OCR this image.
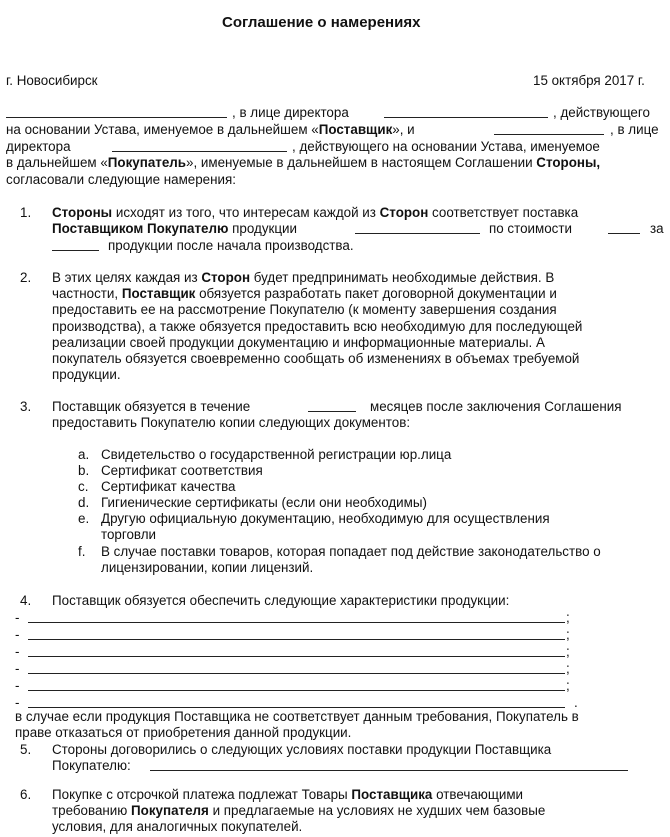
Соглашение о намерениях
г. Новосибирск	15 октября 2017 г.
, в лице директора	, действующего
на основании Устава, именуемое в дальнейшем «Поставщик», и	, в лице
директора	, действующего на основании Устава, именуемое
в дальнейшем «Покупатель», именуемые в дальнейшем в настоящем Соглашении Стороны,
согласовали следующие намерения:
1. Стороны исходят из того, что интересам каждой из Сторон соответствует поставка
Поставщиком Покупателю продукции	по стоимости	за
продукции после начала производства.
2. В этих целях каждая из Сторон будет предпринимать необходимые действия. В
частности, Поставщик обязуется разработать пакет договорной документации и
предоставить ее на рассмотрение Покупателю (к моменту завершения создания
производства), а также обязуется предоставить всю необходимую для последующей
реализации своей продукции документацию и информационные материалы. А
покупатель обязуется своевременно сообщать об изменениях в объемах требуемой
продукции.
3. Поставщик обязуется в течение	месяцев после заключения Соглашения
предоставить Покупателю копии следующих документов:
a. Свидетельство о государственной регистрации юр.лица
b. Сертификат соответствия
c. Сертификат качества
d. Гигиенические сертификаты (если они необходимы)
e. Другую официальную документацию, необходимую для осуществления
торговли
f. В случае поставки товаров, которая попадает под действие законодательство о
лицензировании, копии лицензий.
4. Поставщик обязуется обеспечить следующие характеристики продукции:
-	;
-	;
-	;
-	;
-	;
-	.
в случае если продукция Поставщика не соответствует данным требования, Покупатель в
праве отказаться от приобретения данной продукции.
5. Стороны договорились о следующих условиях поставки продукции Поставщика
Покупателю:
6. Покупке с отсрочкой платежа подлежат Товары Поставщика отвечающими
требованию Покупателя и предлагаемые на условиях не худших чем базовые
условия, для аналогичных покупателей.
